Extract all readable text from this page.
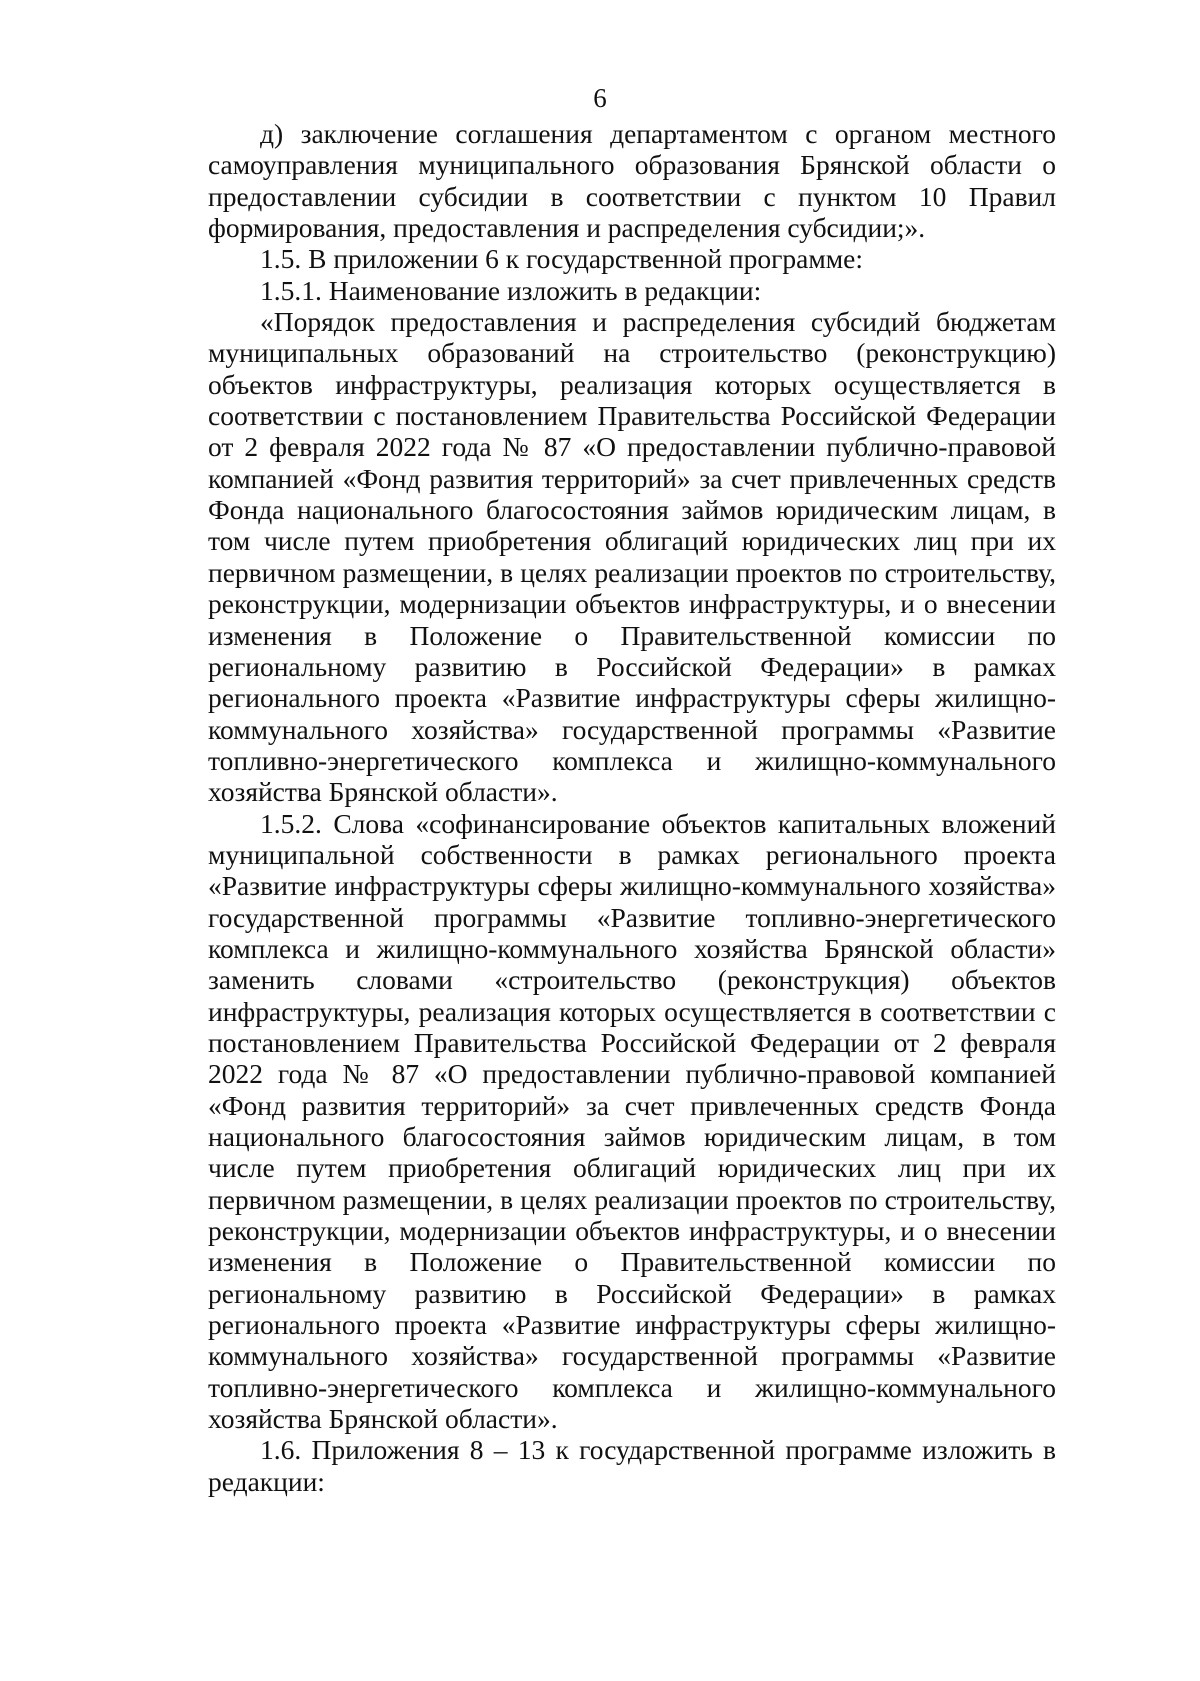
6

д) заключение соглашения департаментом с органом местного самоуправления муниципального образования Брянской области о предоставлении субсидии в соответствии с пунктом 10 Правил формирования, предоставления и распределения субсидии;».

1.5. В приложении 6 к государственной программе:

1.5.1. Наименование изложить в редакции:

«Порядок предоставления и распределения субсидий бюджетам муниципальных образований на строительство (реконструкцию) объектов инфраструктуры, реализация которых осуществляется в соответствии с постановлением Правительства Российской Федерации от 2 февраля 2022 года № 87 «О предоставлении публично-правовой компанией «Фонд развития территорий» за счет привлеченных средств Фонда национального благосостояния займов юридическим лицам, в том числе путем приобретения облигаций юридических лиц при их первичном размещении, в целях реализации проектов по строительству, реконструкции, модернизации объектов инфраструктуры, и о внесении изменения в Положение о Правительственной комиссии по региональному развитию в Российской Федерации» в рамках регионального проекта «Развитие инфраструктуры сферы жилищно-коммунального хозяйства» государственной программы «Развитие топливно-энергетического комплекса и жилищно-коммунального хозяйства Брянской области».

1.5.2. Слова «софинансирование объектов капитальных вложений муниципальной собственности в рамках регионального проекта «Развитие инфраструктуры сферы жилищно-коммунального хозяйства» государственной программы «Развитие топливно-энергетического комплекса и жилищно-коммунального хозяйства Брянской области» заменить словами «строительство (реконструкция) объектов инфраструктуры, реализация которых осуществляется в соответствии с постановлением Правительства Российской Федерации от 2 февраля 2022 года № 87 «О предоставлении публично-правовой компанией «Фонд развития территорий» за счет привлеченных средств Фонда национального благосостояния займов юридическим лицам, в том числе путем приобретения облигаций юридических лиц при их первичном размещении, в целях реализации проектов по строительству, реконструкции, модернизации объектов инфраструктуры, и о внесении изменения в Положение о Правительственной комиссии по региональному развитию в Российской Федерации» в рамках регионального проекта «Развитие инфраструктуры сферы жилищно-коммунального хозяйства» государственной программы «Развитие топливно-энергетического комплекса и жилищно-коммунального хозяйства Брянской области».

1.6. Приложения 8 – 13 к государственной программе изложить в редакции:
